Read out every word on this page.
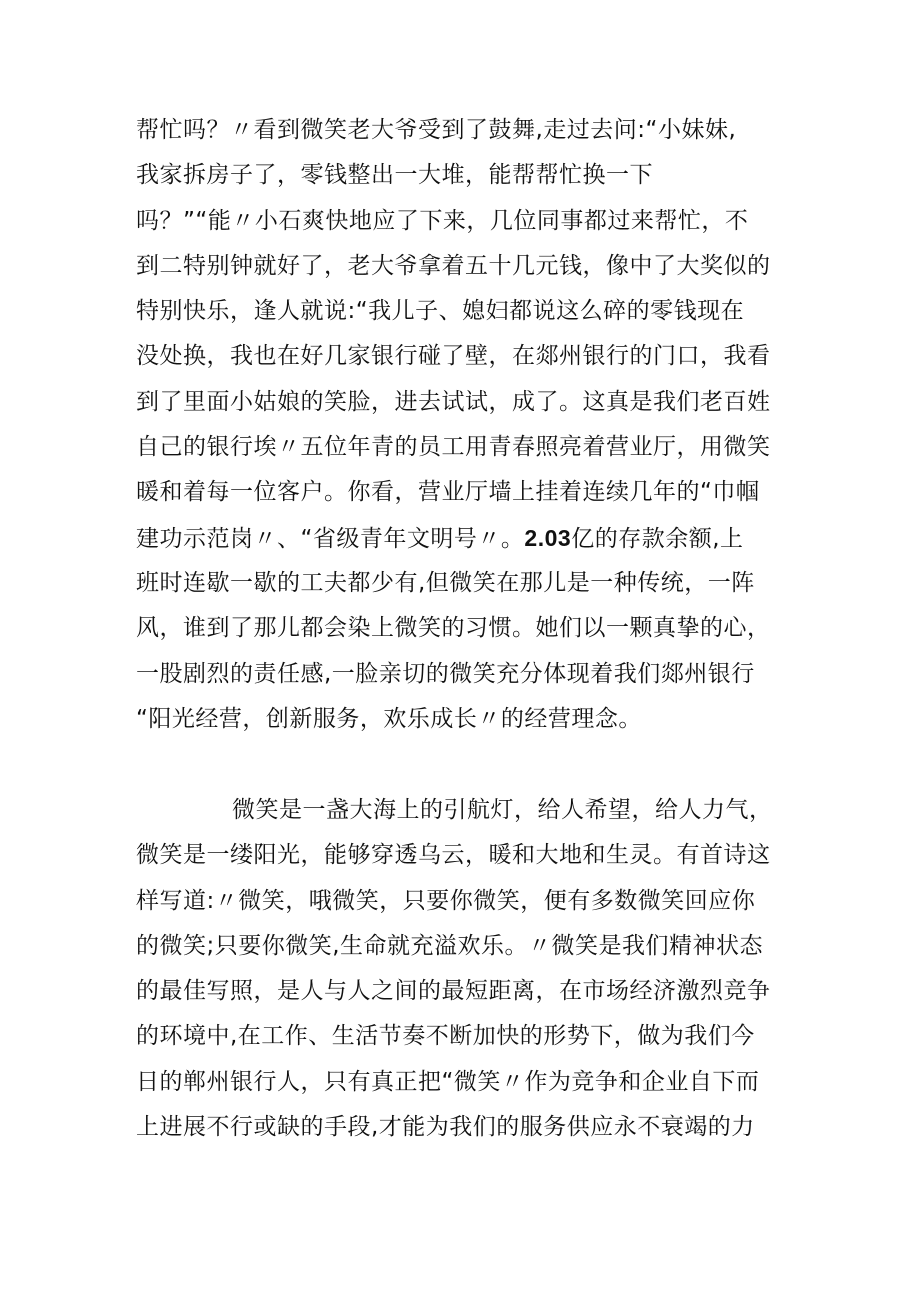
帮忙吗？〃看到微笑老大爷受到了鼓舞,走过去问:“小妹妹,
我家拆房子了，零钱整出一大堆，能帮帮忙换一下
吗？”“能〃小石爽快地应了下来，几位同事都过来帮忙，不
到二特别钟就好了，老大爷拿着五十几元钱，像中了大奖似的
特别快乐，逢人就说:“我儿子、媳妇都说这么碎的零钱现在
没处换，我也在好几家银行碰了壁，在郯州银行的门口，我看
到了里面小姑娘的笑脸，进去试试，成了。这真是我们老百姓
自己的银行埃〃五位年青的员工用青春照亮着营业厅，用微笑
暖和着每一位客户。你看，营业厅墙上挂着连续几年的“巾帼
建功示范岗〃、“省级青年文明号〃。2.03亿的存款余额,上
班时连歇一歇的工夫都少有,但微笑在那儿是一种传统，一阵
风，谁到了那儿都会染上微笑的习惯。她们以一颗真挚的心，
一股剧烈的责任感,一脸亲切的微笑充分体现着我们郯州银行
“阳光经营，创新服务，欢乐成长〃的经营理念。
微笑是一盏大海上的引航灯，给人希望，给人力气，
微笑是一缕阳光，能够穿透乌云，暖和大地和生灵。有首诗这
样写道:〃微笑，哦微笑，只要你微笑，便有多数微笑回应你
的微笑;只要你微笑,生命就充溢欢乐。〃微笑是我们精神状态
的最佳写照，是人与人之间的最短距离，在市场经济激烈竞争
的环境中,在工作、生活节奏不断加快的形势下，做为我们今
日的郸州银行人，只有真正把“微笑〃作为竞争和企业自下而
上进展不行或缺的手段,才能为我们的服务供应永不衰竭的力
